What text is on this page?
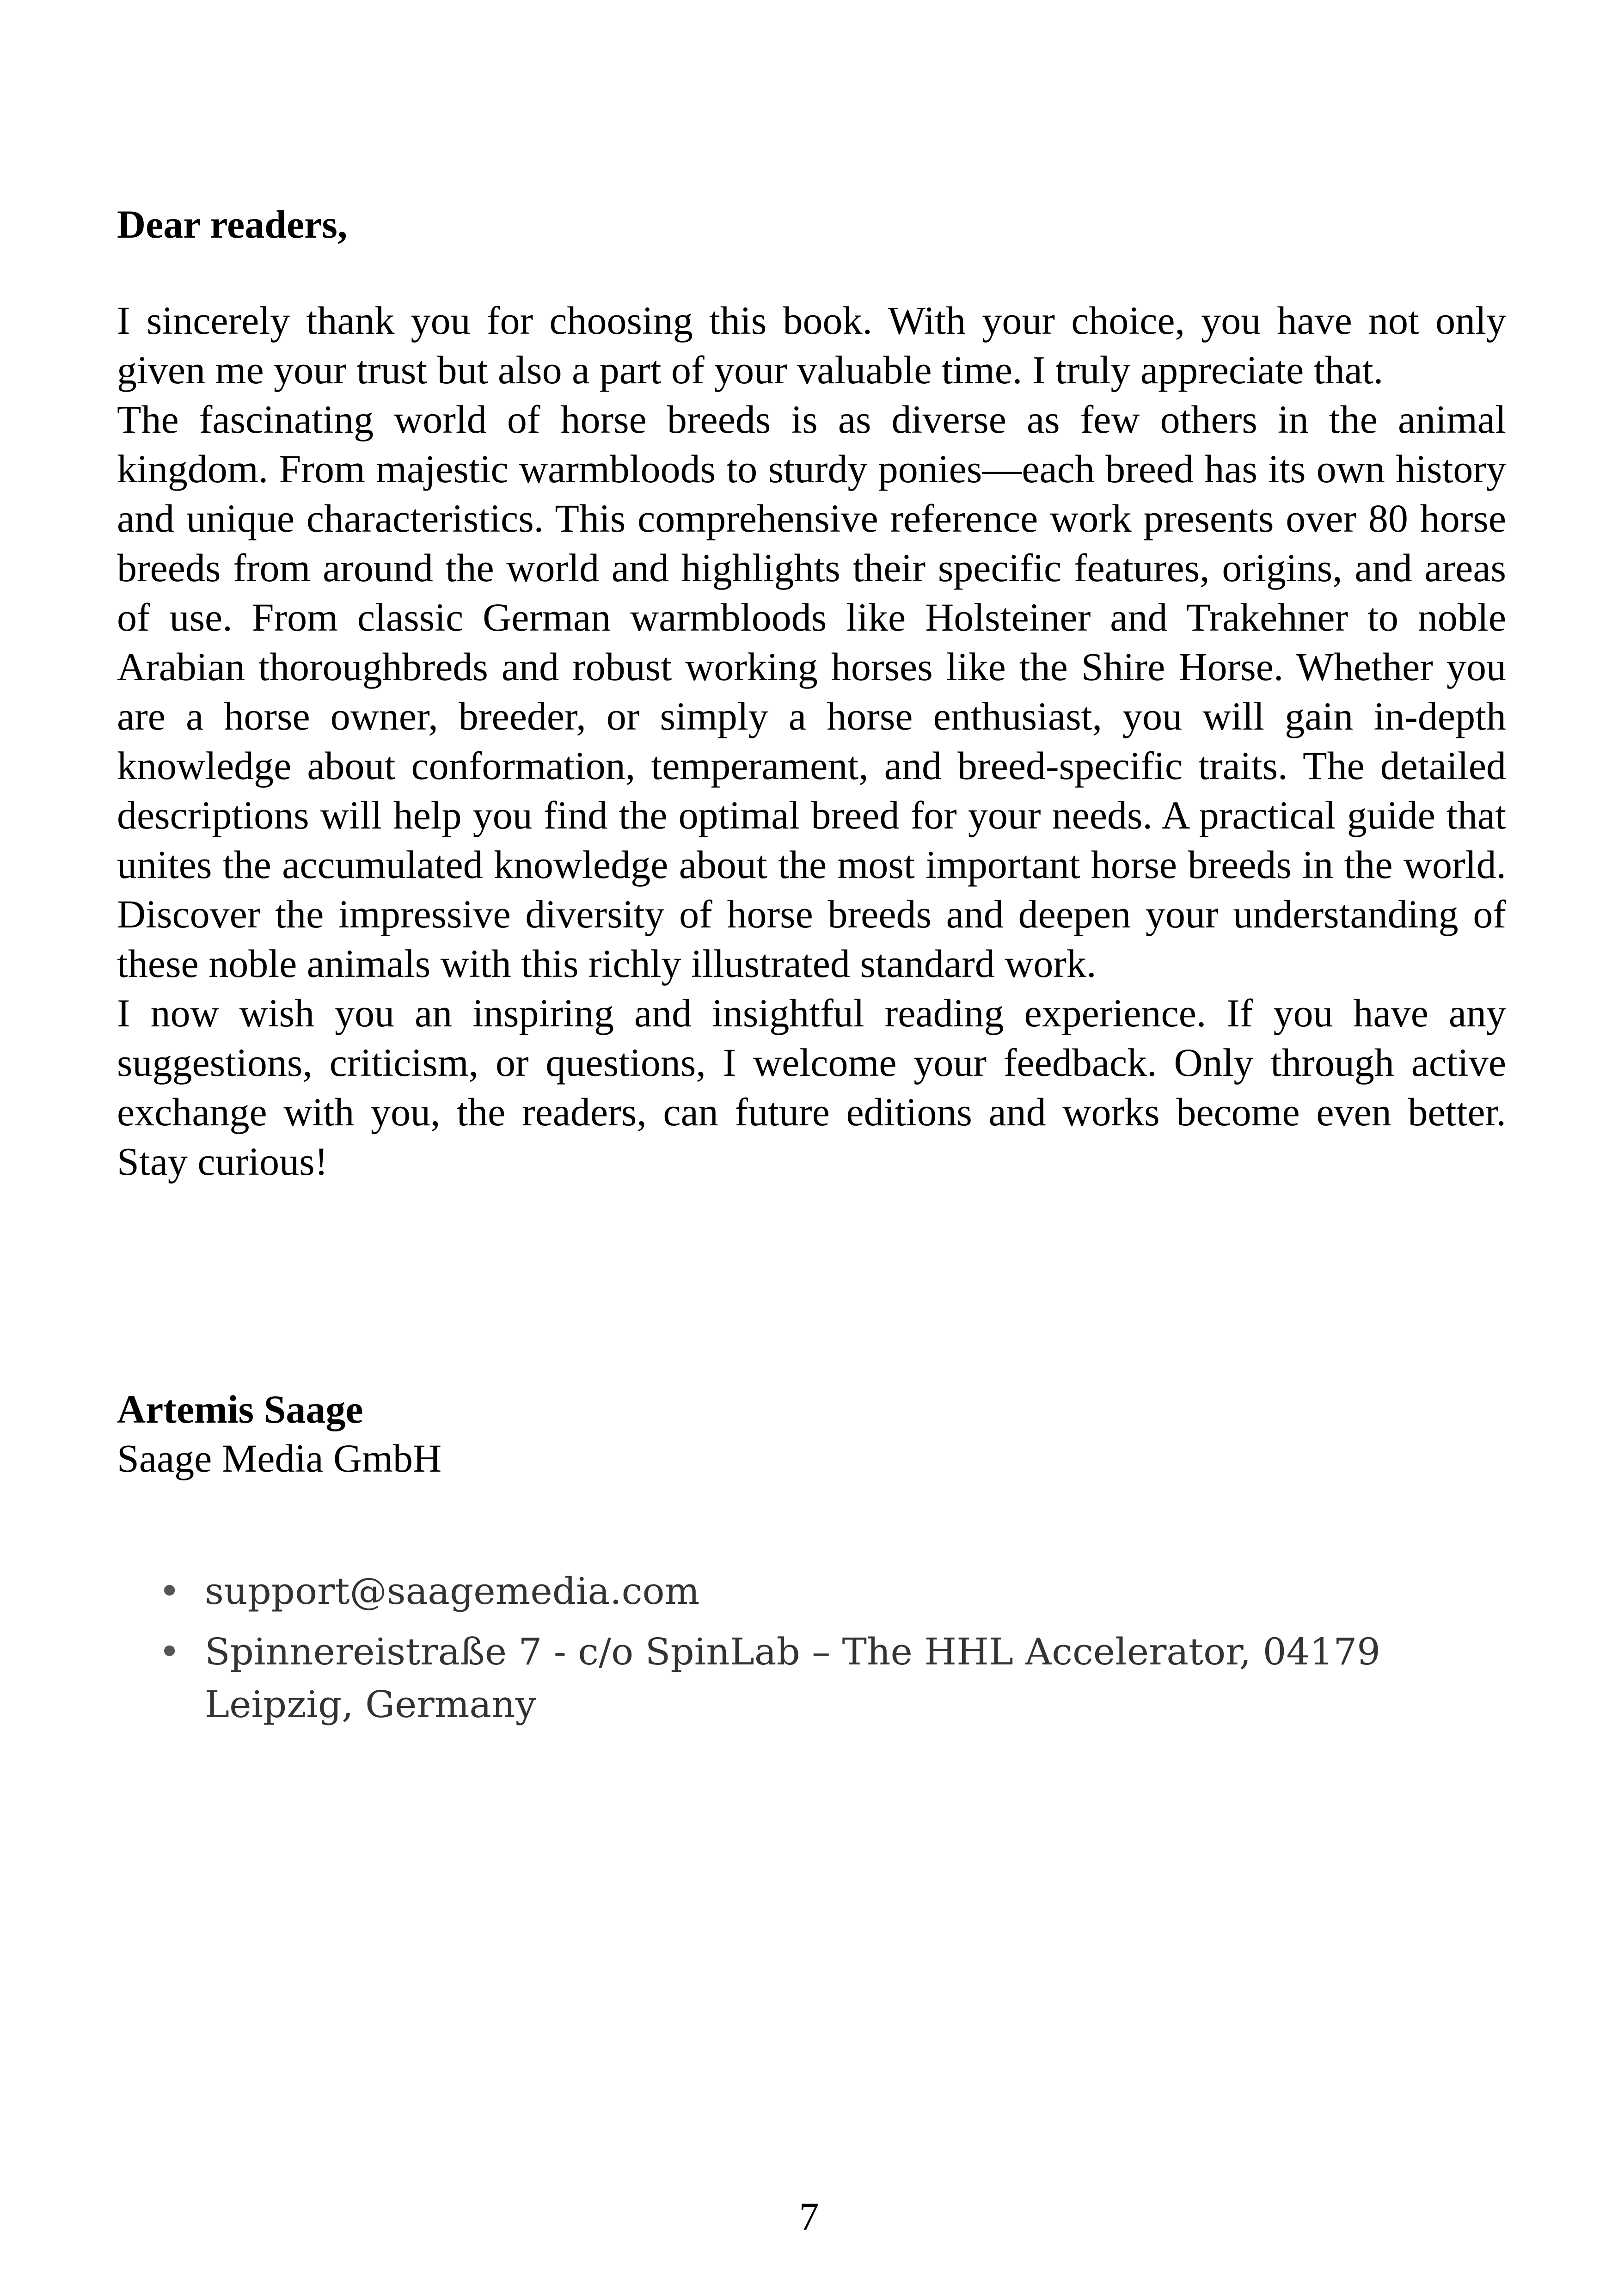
Dear readers,

I sincerely thank you for choosing this book. With your choice, you have not only given me your trust but also a part of your valuable time. I truly appreciate that.

The fascinating world of horse breeds is as diverse as few others in the animal kingdom. From majestic warmbloods to sturdy ponies—each breed has its own history and unique characteristics. This comprehensive reference work presents over 80 horse breeds from around the world and highlights their specific features, origins, and areas of use. From classic German warmbloods like Holsteiner and Trakehner to noble Arabian thoroughbreds and robust working horses like the Shire Horse. Whether you are a horse owner, breeder, or simply a horse enthusiast, you will gain in-depth knowledge about conformation, temperament, and breed-specific traits. The detailed descriptions will help you find the optimal breed for your needs. A practical guide that unites the accumulated knowledge about the most important horse breeds in the world. Discover the impressive diversity of horse breeds and deepen your understanding of these noble animals with this richly illustrated standard work.

I now wish you an inspiring and insightful reading experience. If you have any suggestions, criticism, or questions, I welcome your feedback. Only through active exchange with you, the readers, can future editions and works become even better. Stay curious!

Artemis Saage
Saage Media GmbH
• support@saagemedia.com
• Spinnereistraße 7 - c/o SpinLab – The HHL Accelerator, 04179 Leipzig, Germany
7
